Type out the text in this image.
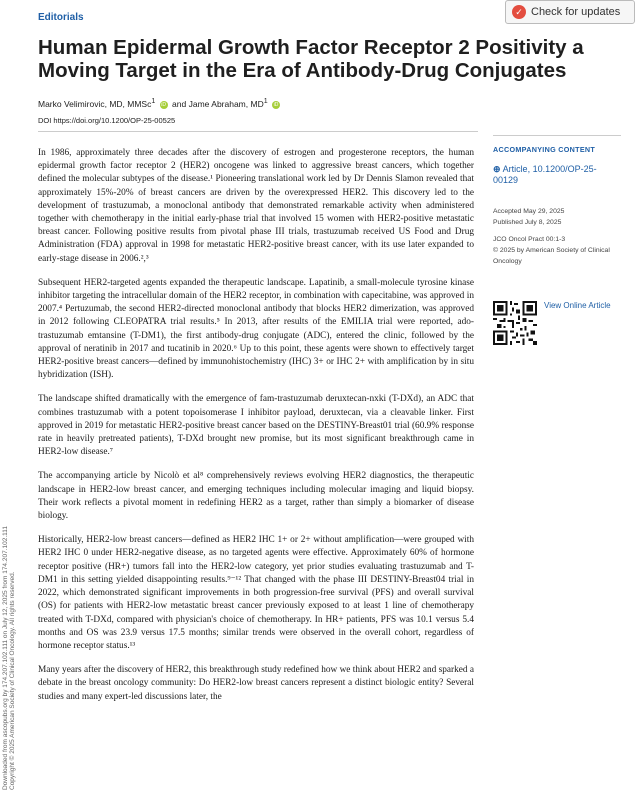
Downloaded from ascopubs.org by 174.207.102.111 on July 12, 2025 from 174.207.102.111 Copyright © 2025 American Society of Clinical Oncology. All rights reserved.
Editorials
✓ Check for updates
Human Epidermal Growth Factor Receptor 2 Positivity a Moving Target in the Era of Antibody-Drug Conjugates
Marko Velimirovic, MD, MMSc$^1$ iD and Jame Abraham, $MD^1$ iD
DOI https://doi.org/10.1200/OP-25-00525

In 1986, approximately three decades after the discovery of estrogen and progesterone receptors, the human epidermal growth factor receptor 2 (HER2) oncogene was linked to aggressive breast cancers, which together defined the molecular subtypes of the disease.¹ Pioneering translational work led by Dr Dennis Slamon revealed that approximately 15%-20% of breast cancers are driven by the overexpressed HER2. This discovery led to the development of trastuzumab, a monoclonal antibody that demonstrated remarkable activity when administered together with chemotherapy in the initial early-phase trial that involved 15 women with HER2-positive metastatic breast cancer. Following positive results from pivotal phase III trials, trastuzumab received US Food and Drug Administration (FDA) approval in 1998 for metastatic HER2-positive breast cancer, with its use later expanded to early-stage disease in 2006.²,³

Subsequent HER2-targeted agents expanded the therapeutic landscape. Lapatinib, a small-molecule tyrosine kinase inhibitor targeting the intracellular domain of the HER2 receptor, in combination with capecitabine, was approved in 2007.⁴ Pertuzumab, the second HER2-directed monoclonal antibody that blocks HER2 dimerization, was approved in 2012 following CLEOPATRA trial results.⁵ In 2013, after results of the EMILIA trial were reported, ado-trastuzumab emtansine (T-DM1), the first antibody-drug conjugate (ADC), entered the clinic, followed by the approval of neratinib in 2017 and tucatinib in 2020.⁶ Up to this point, these agents were shown to effectively target HER2-positive breast cancers—defined by immunohistochemistry (IHC) 3+ or IHC 2+ with amplification by in situ hybridization (ISH).

The landscape shifted dramatically with the emergence of fam-trastuzumab deruxtecan-nxki (T-DXd), an ADC that combines trastuzumab with a potent topoisomerase I inhibitor payload, deruxtecan, via a cleavable linker. First approved in 2019 for metastatic HER2-positive breast cancer based on the DESTINY-Breast01 trial (60.9% response rate in heavily pretreated patients), T-DXd brought new promise, but its most significant breakthrough came in HER2-low disease.⁷

The accompanying article by Nicolò et al⁸ comprehensively reviews evolving HER2 diagnostics, the therapeutic landscape in HER2-low breast cancer, and emerging techniques including molecular imaging and liquid biopsy. Their work reflects a pivotal moment in redefining HER2 as a target, rather than simply a biomarker of disease biology.

Historically, HER2-low breast cancers—defined as HER2 IHC 1+ or 2+ without amplification—were grouped with HER2 IHC 0 under HER2-negative disease, as no targeted agents were effective. Approximately 60% of hormone receptor positive (HR+) tumors fall into the HER2-low category, yet prior studies evaluating trastuzumab and T-DM1 in this setting yielded disappointing results.⁹⁻¹² That changed with the phase III DESTINY-Breast04 trial in 2022, which demonstrated significant improvements in both progression-free survival (PFS) and overall survival (OS) for patients with HER2-low metastatic breast cancer previously exposed to at least 1 line of chemotherapy treated with T-DXd, compared with physician's choice of chemotherapy. In HR+ patients, PFS was 10.1 versus 5.4 months and OS was 23.9 versus 17.5 months; similar trends were observed in the overall cohort, regardless of hormone receptor status.¹³

Many years after the discovery of HER2, this breakthrough study redefined how we think about HER2 and sparked a debate in the breast oncology community: Do HER2-low breast cancers represent a distinct biologic entity? Several studies and many expert-led discussions later, the

ACCOMPANYING CONTENT
⊕ Article, 10.1200/OP-25-00129
Accepted May 29, 2025
Published July 8, 2025
JCO Oncol Pract 00:1-3
© 2025 by American Society of Clinical Oncology
View Online Article
